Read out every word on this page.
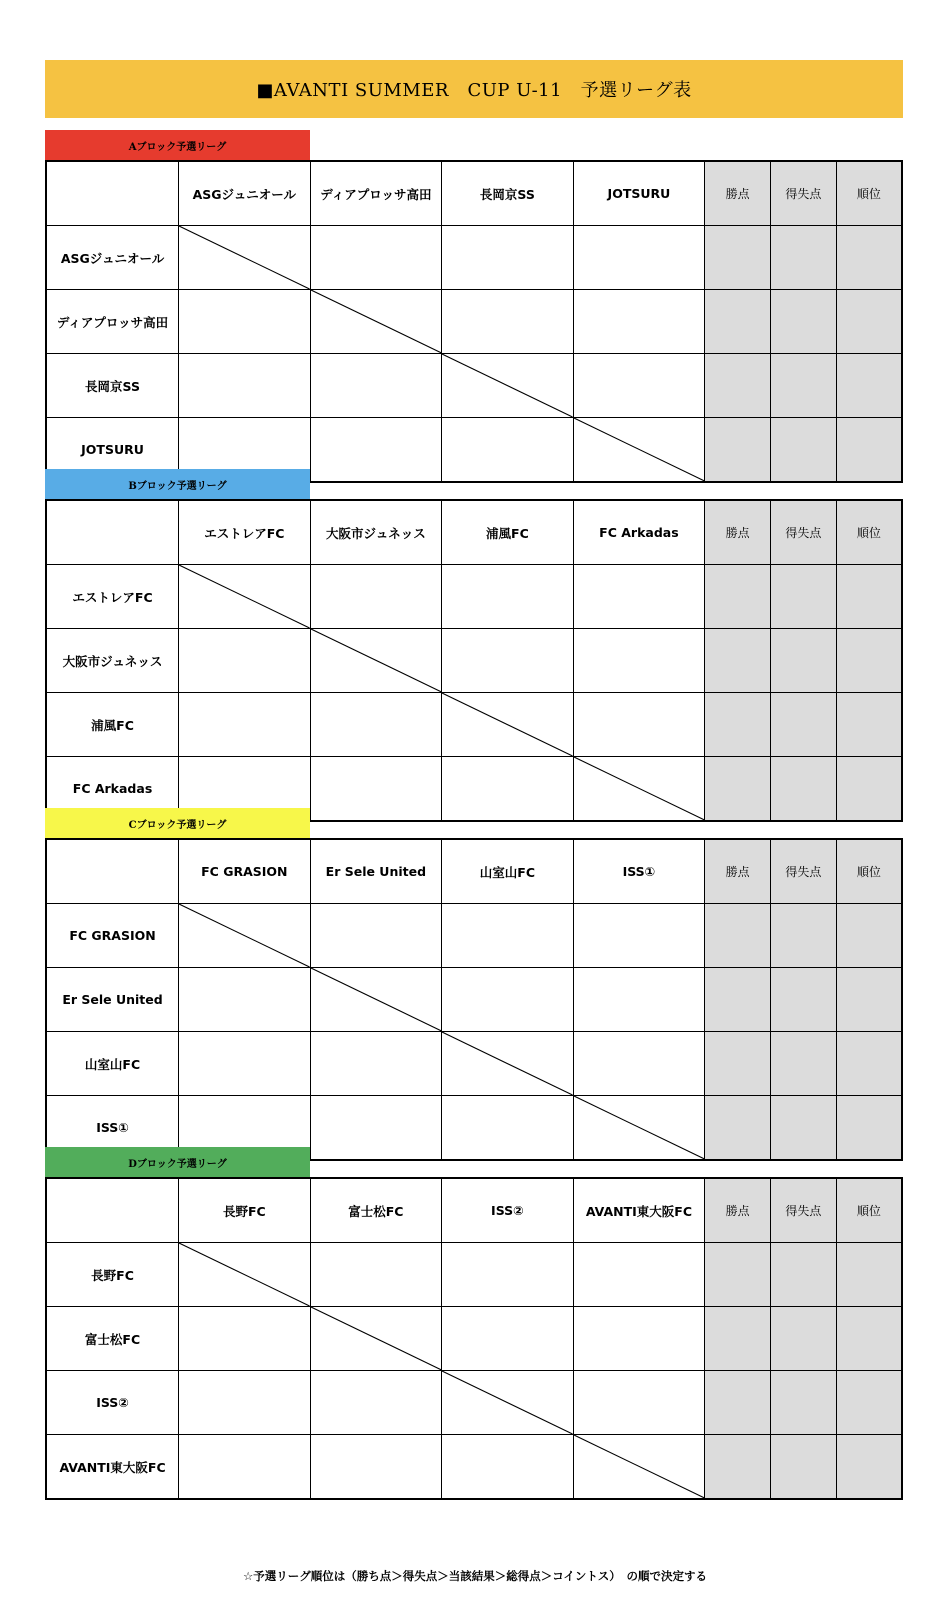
■AVANTI SUMMER　CUP U-11　予選リーグ表
Aブロック予選リーグ
	ASGジュニオール	ディアプロッサ高田	長岡京SS	JOTSURU	勝点	得失点	順位
ASGジュニオール	

ディアプロッサ高田		

長岡京SS			

JOTSURU				

Bブロック予選リーグ
	エストレアFC	大阪市ジュネッス	浦風FC	FC Arkadas	勝点	得失点	順位
エストレアFC	

大阪市ジュネッス		

浦風FC			

FC Arkadas				

Cブロック予選リーグ
	FC GRASION	Er Sele United	山室山FC	ISS①	勝点	得失点	順位
FC GRASION	

Er Sele United		

山室山FC			

ISS①				

Dブロック予選リーグ
	長野FC	富士松FC	ISS②	AVANTI東大阪FC	勝点	得失点	順位
長野FC	

富士松FC		

ISS②			

AVANTI東大阪FC				

☆予選リーグ順位は（勝ち点＞得失点＞当該結果＞総得点＞コイントス）　の順で決定する
